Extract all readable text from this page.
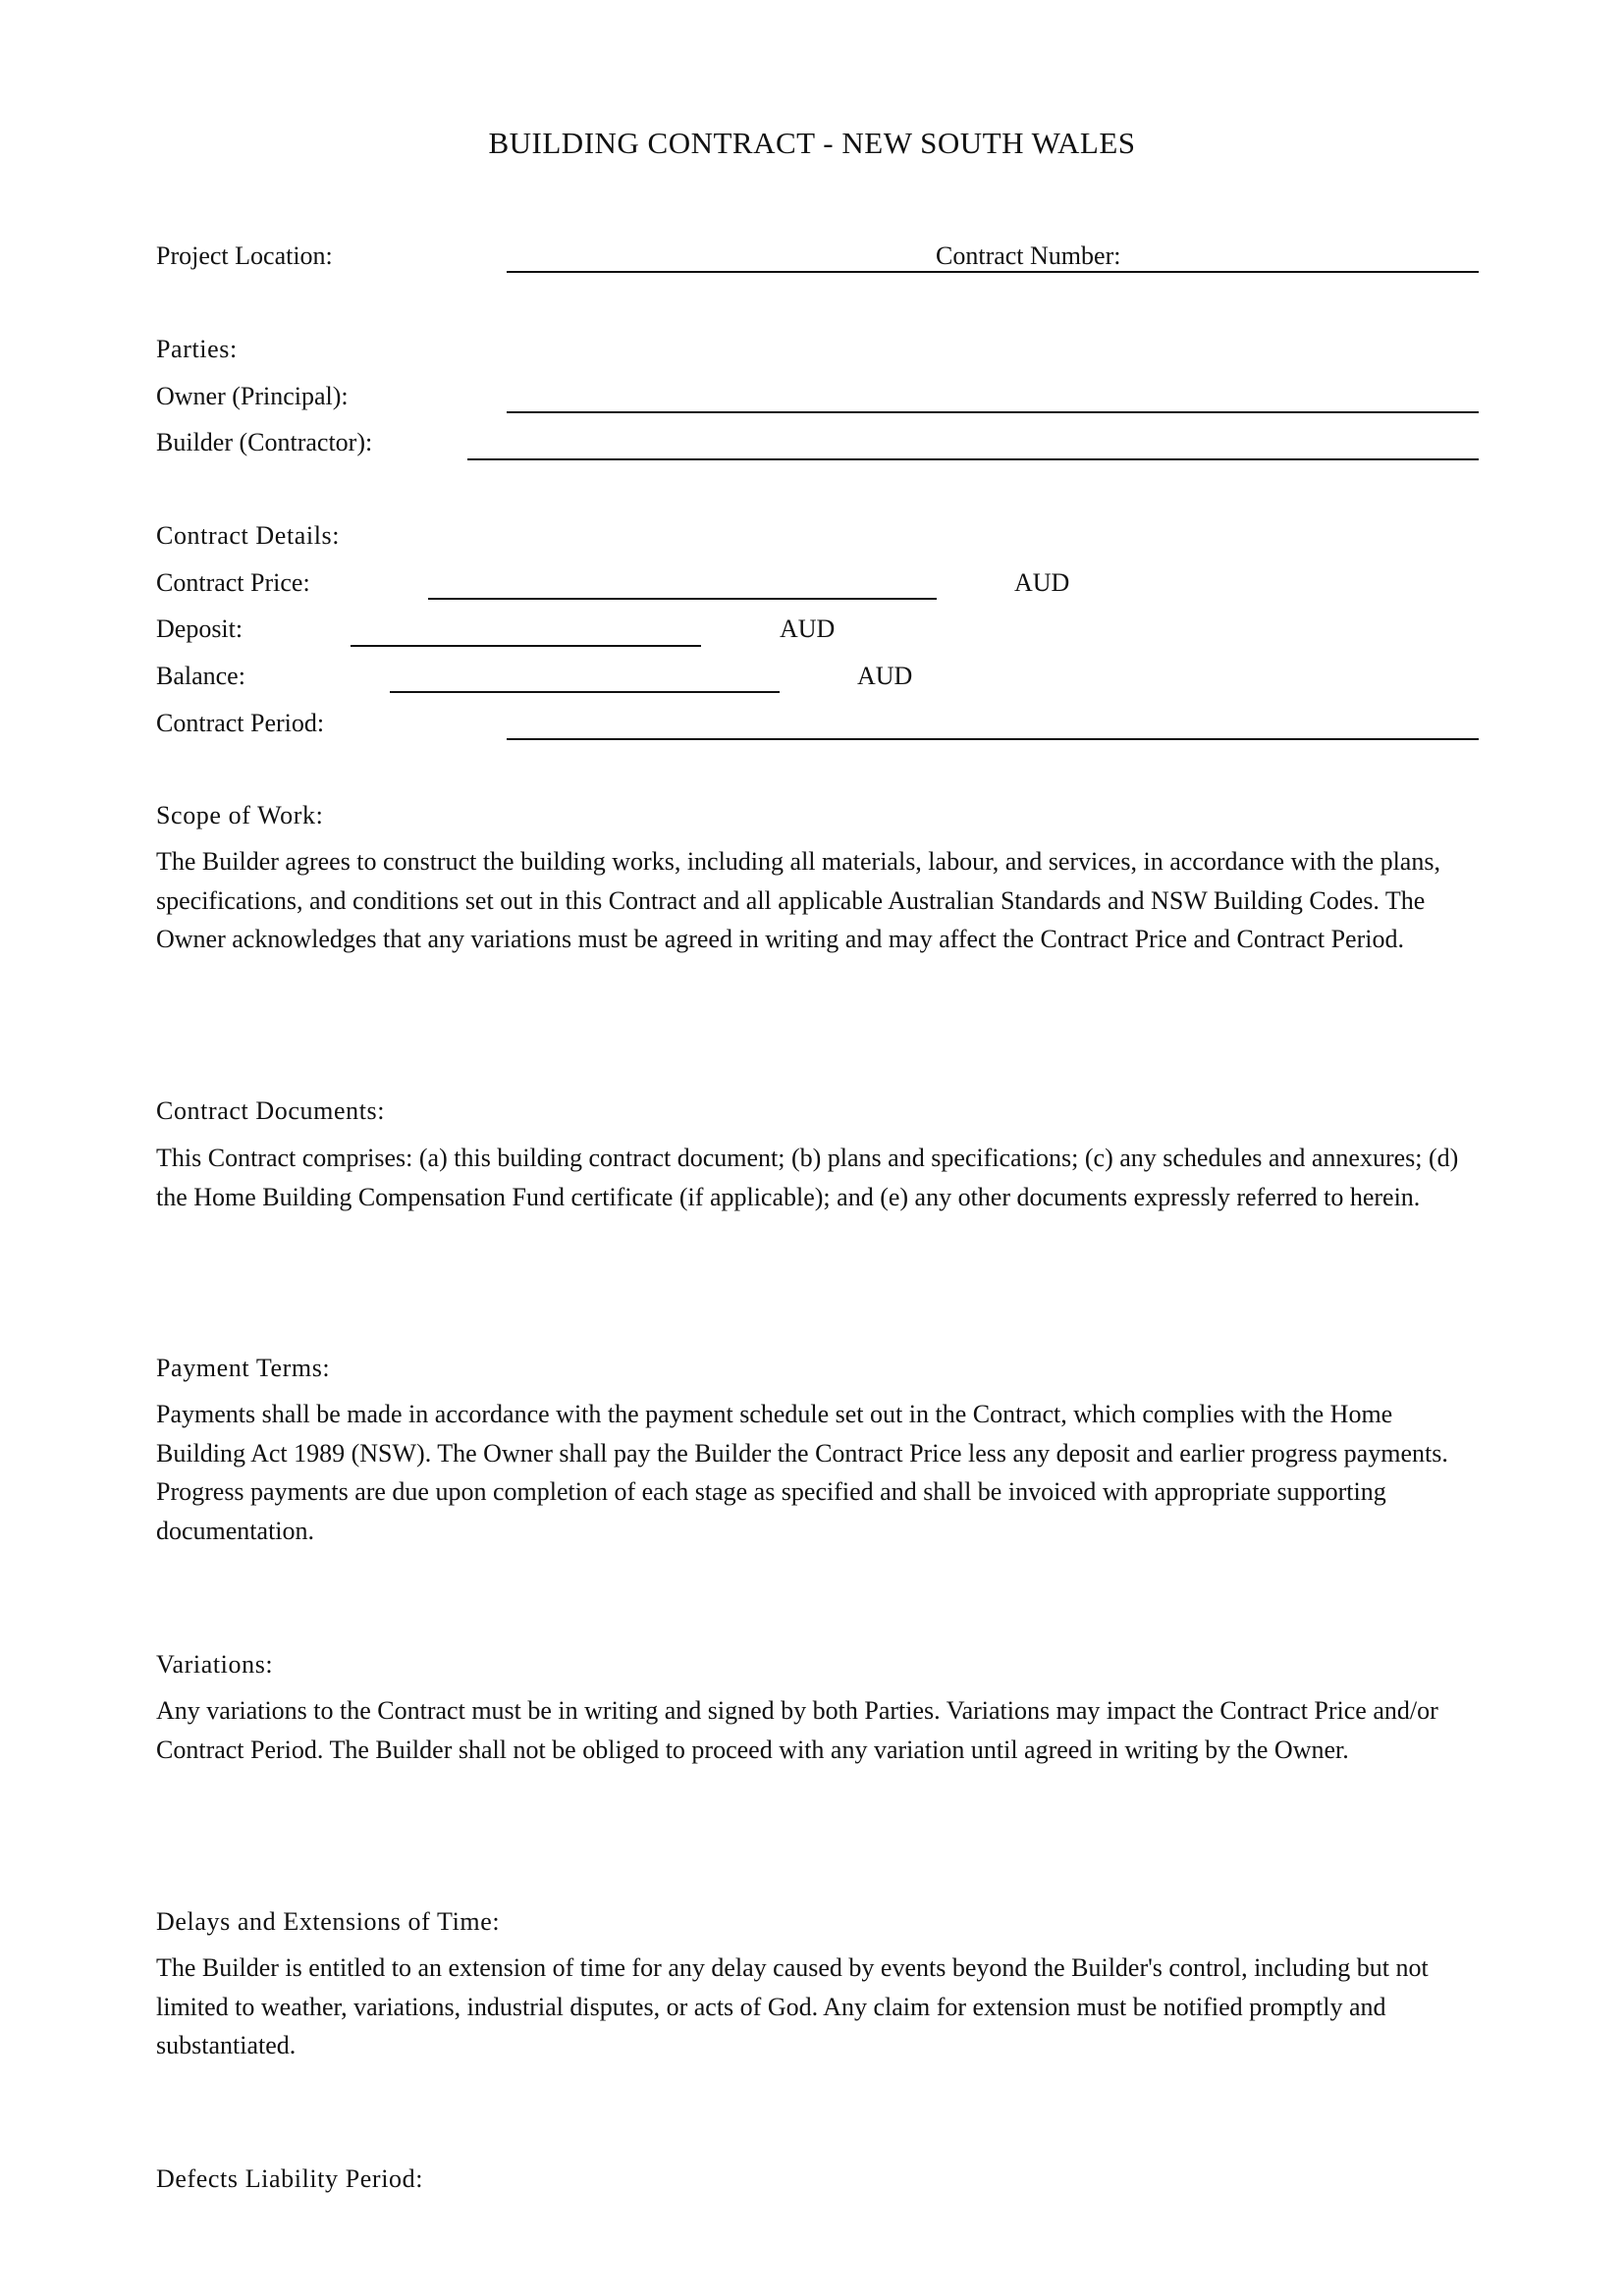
BUILDING CONTRACT - NEW SOUTH WALES
Project Location:	Contract Number:
Parties:
Owner (Principal):
Builder (Contractor):
Contract Details:
Contract Price:	AUD
Deposit:	AUD
Balance:	AUD
Contract Period:
Scope of Work:
The Builder agrees to construct the building works, including all materials, labour, and services, in accordance with the plans, specifications, and conditions set out in this Contract and all applicable Australian Standards and NSW Building Codes. The Owner acknowledges that any variations must be agreed in writing and may affect the Contract Price and Contract Period.
Contract Documents:
This Contract comprises: (a) this building contract document; (b) plans and specifications; (c) any schedules and annexures; (d) the Home Building Compensation Fund certificate (if applicable); and (e) any other documents expressly referred to herein.
Payment Terms:
Payments shall be made in accordance with the payment schedule set out in the Contract, which complies with the Home Building Act 1989 (NSW). The Owner shall pay the Builder the Contract Price less any deposit and earlier progress payments. Progress payments are due upon completion of each stage as specified and shall be invoiced with appropriate supporting documentation.
Variations:
Any variations to the Contract must be in writing and signed by both Parties. Variations may impact the Contract Price and/or Contract Period. The Builder shall not be obliged to proceed with any variation until agreed in writing by the Owner.
Delays and Extensions of Time:
The Builder is entitled to an extension of time for any delay caused by events beyond the Builder's control, including but not limited to weather, variations, industrial disputes, or acts of God. Any claim for extension must be notified promptly and substantiated.
Defects Liability Period:
